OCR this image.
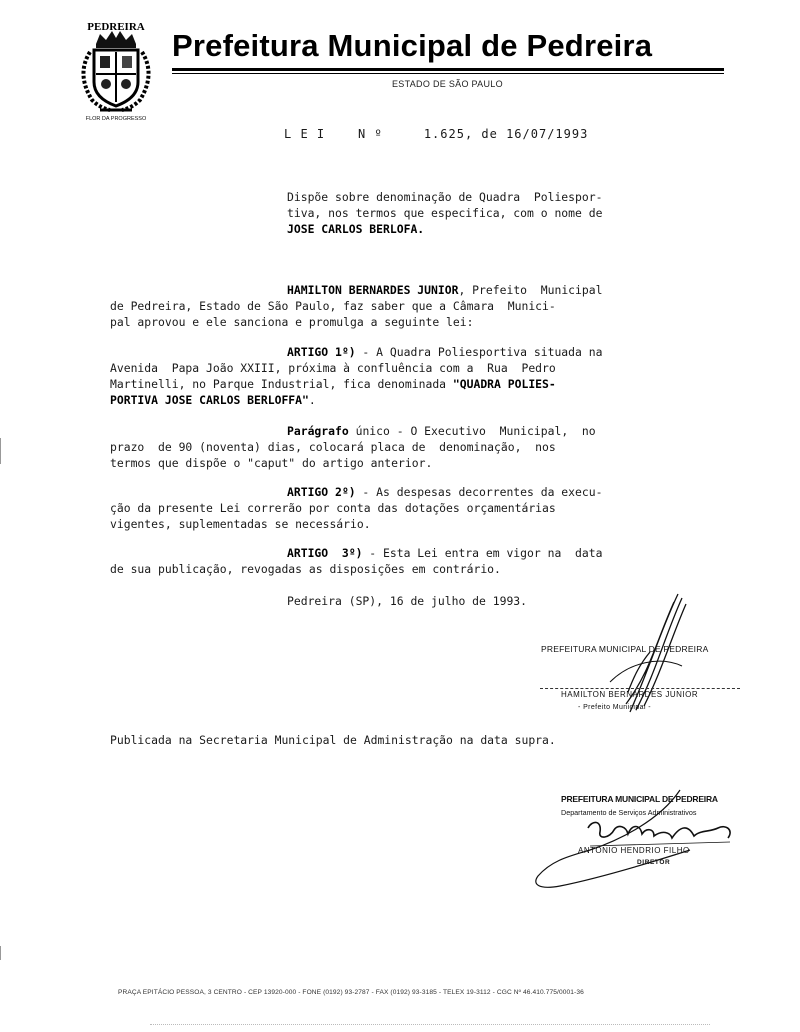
PEDREIRA
FLOR DA PROGRESSO
Prefeitura Municipal de Pedreira
ESTADO DE SÃO PAULO
L E I    N º     1.625, de 16/07/1993
Dispõe sobre denominação de Quadra  Poliespor-
tiva, nos termos que especifica, com o nome de
JOSE CARLOS BERLOFA.
HAMILTON BERNARDES JUNIOR, Prefeito  Municipal
de Pedreira, Estado de São Paulo, faz saber que a Câmara  Munici-
pal aprovou e ele sanciona e promulga a seguinte lei:
ARTIGO 1º) - A Quadra Poliesportiva situada na
Avenida  Papa João XXIII, próxima à confluência com a  Rua  Pedro
Martinelli, no Parque Industrial, fica denominada "QUADRA POLIES-
PORTIVA JOSE CARLOS BERLOFFA".
Parágrafo único - O Executivo  Municipal,  no
prazo  de 90 (noventa) dias, colocará placa de  denominação,  nos
termos que dispõe o "caput" do artigo anterior.
ARTIGO 2º) - As despesas decorrentes da execu-
ção da presente Lei correrão por conta das dotações orçamentárias
vigentes, suplementadas se necessário.
ARTIGO  3º) - Esta Lei entra em vigor na  data
de sua publicação, revogadas as disposições em contrário.
Pedreira (SP), 16 de julho de 1993.
PREFEITURA MUNICIPAL DE PEDREIRA
HAMILTON BERNARDES JUNIOR
- Prefeito Municipal -
Publicada na Secretaria Municipal de Administração na data supra.
PREFEITURA MUNICIPAL DE PEDREIRA
Departamento de Serviços Administrativos
ANTONIO HENDRIO FILHO
DIRETOR
PRAÇA EPITÁCIO PESSOA, 3 CENTRO - CEP 13920-000 - FONE (0192) 93-2787 - FAX (0192) 93-3185 - TELEX 19-3112 - CGC Nº 46.410.775/0001-36
